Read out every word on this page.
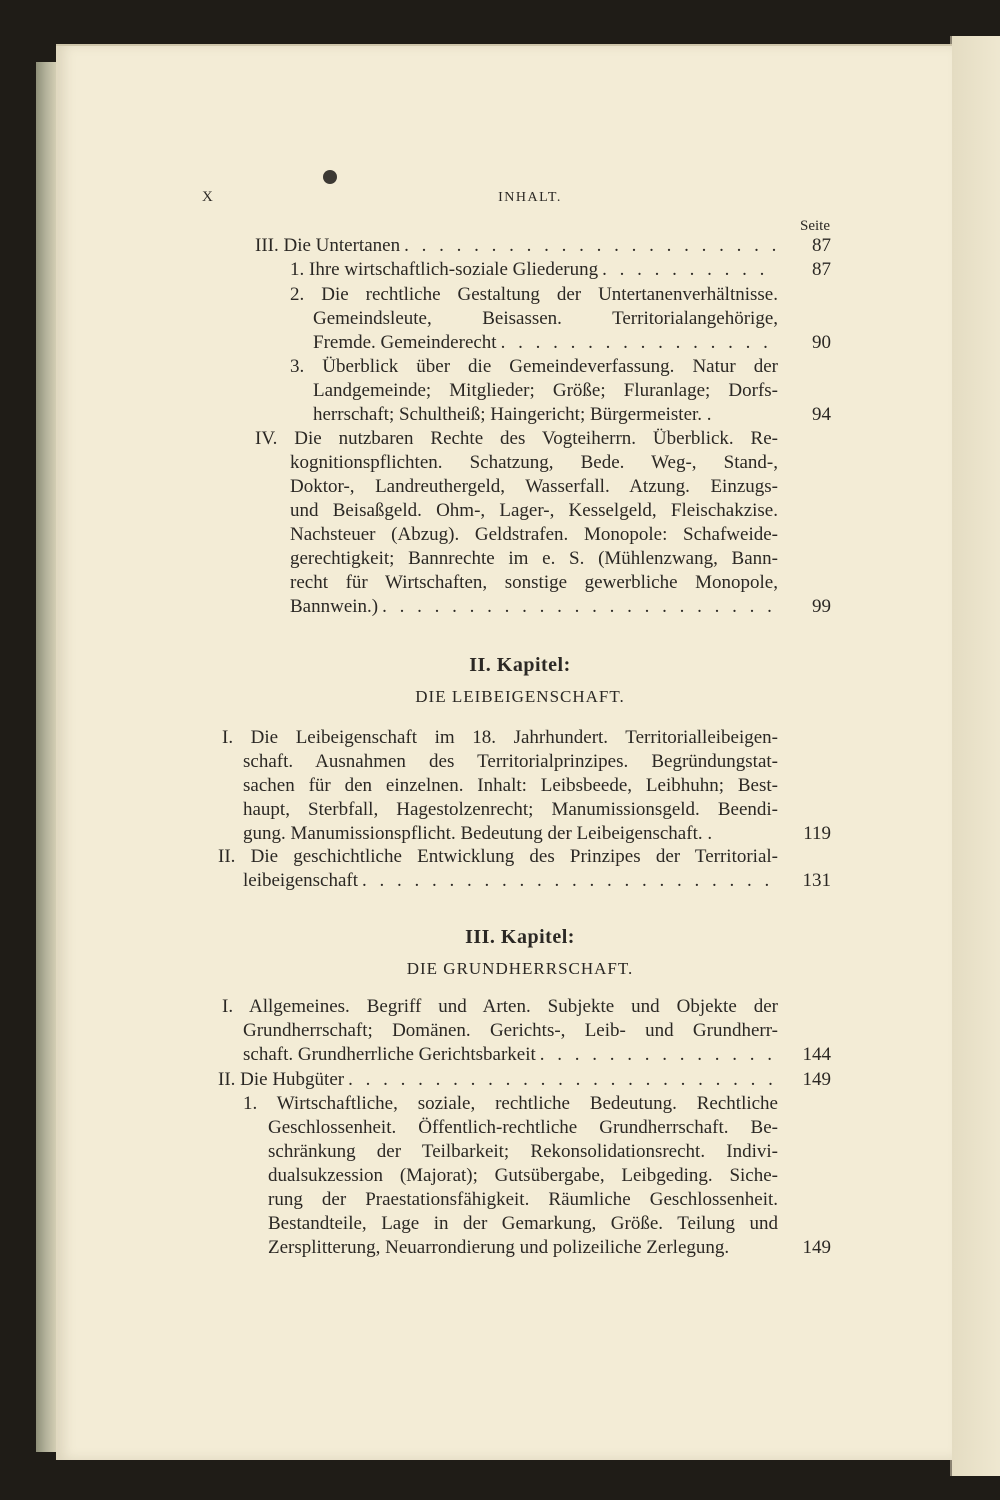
X	INHALT.
Seite
III. Die Untertanen . . .	87
1. Ihre wirtschaftlich-soziale Gliederung . . .	87
2. Die rechtliche Gestaltung der Untertanenverhältnisse.
Gemeindsleute, Beisassen. Territorialangehörige,
Fremde. Gemeinderecht . . .	90
3. Überblick über die Gemeindeverfassung. Natur der
Landgemeinde; Mitglieder; Größe; Fluranlage; Dorfs-
herrschaft; Schultheiß; Haingericht; Bürgermeister. .	94
IV. Die nutzbaren Rechte des Vogteiherrn. Überblick. Re-
kognitionspflichten. Schatzung, Bede. Weg-, Stand-,
Doktor-, Landreuthergeld, Wasserfall. Atzung. Einzugs-
und Beisaßgeld. Ohm-, Lager-, Kesselgeld, Fleischakzise.
Nachsteuer (Abzug). Geldstrafen. Monopole: Schafweide-
gerechtigkeit; Bannrechte im e. S. (Mühlenzwang, Bann-
recht für Wirtschaften, sonstige gewerbliche Monopole,
Bannwein.) . . .	99
I. Die Leibeigenschaft im 18. Jahrhundert. Territorialleibeigen-
schaft. Ausnahmen des Territorialprinzipes. Begründungstat-
sachen für den einzelnen. Inhalt: Leibsbeede, Leibhuhn; Best-
haupt, Sterbfall, Hagestolzenrecht; Manumissionsgeld. Beendi-
gung. Manumissionspflicht. Bedeutung der Leibeigenschaft. .	119
II. Die geschichtliche Entwicklung des Prinzipes der Territorial-
leibeigenschaft . . .	131
I. Allgemeines. Begriff und Arten. Subjekte und Objekte der
Grundherrschaft; Domänen. Gerichts-, Leib- und Grundherr-
schaft. Grundherrliche Gerichtsbarkeit . . .	144
II. Die Hubgüter . . .	149
1. Wirtschaftliche, soziale, rechtliche Bedeutung. Rechtliche
Geschlossenheit. Öffentlich-rechtliche Grundherrschaft. Be-
schränkung der Teilbarkeit; Rekonsolidationsrecht. Indivi-
dualsukzession (Majorat); Gutsübergabe, Leibgeding. Siche-
rung der Praestationsfähigkeit. Räumliche Geschlossenheit.
Bestandteile, Lage in der Gemarkung, Größe. Teilung und
Zersplitterung, Neuarrondierung und polizeiliche Zerlegung.	149
II. Kapitel:
DIE LEIBEIGENSCHAFT.
III. Kapitel:
DIE GRUNDHERRSCHAFT.
